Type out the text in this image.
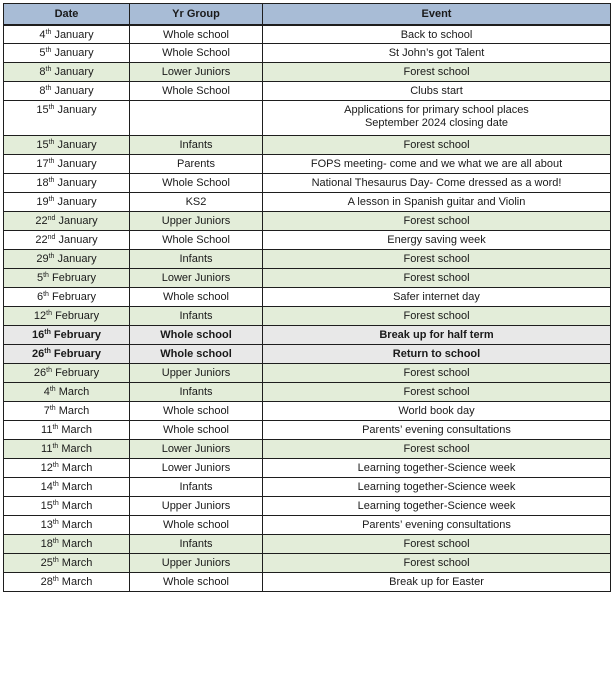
Date	Yr Group	Event
4th January	Whole school	Back to school

5th January	Whole School	St John’s got Talent

8th January	Lower Juniors	Forest school

8th January	Whole School	Clubs start

15th January		Applications for primary school places
September 2024 closing date

15th January	Infants	Forest school

17th January	Parents	FOPS meeting- come and we what we are all about

18th January	Whole School	National Thesaurus Day- Come dressed as a word!

19th January	KS2	A lesson in Spanish guitar and Violin

22nd January	Upper Juniors	Forest school

22nd January	Whole School	Energy saving week

29th January	Infants	Forest school

5th February	Lower Juniors	Forest school

6th February	Whole school	Safer internet day

12th February	Infants	Forest school

16th February	Whole school	Break up for half term

26th February	Whole school	Return to school

26th February	Upper Juniors	Forest school

4th March	Infants	Forest school

7th March	Whole school	World book day

11th March	Whole school	Parents’ evening consultations

11th March	Lower Juniors	Forest school

12th March	Lower Juniors	Learning together-Science week

14th March	Infants	Learning together-Science week

15th March	Upper Juniors	Learning together-Science week

13th March	Whole school	Parents’ evening consultations

18th March	Infants	Forest school

25th March	Upper Juniors	Forest school

28th March	Whole school	Break up for Easter
